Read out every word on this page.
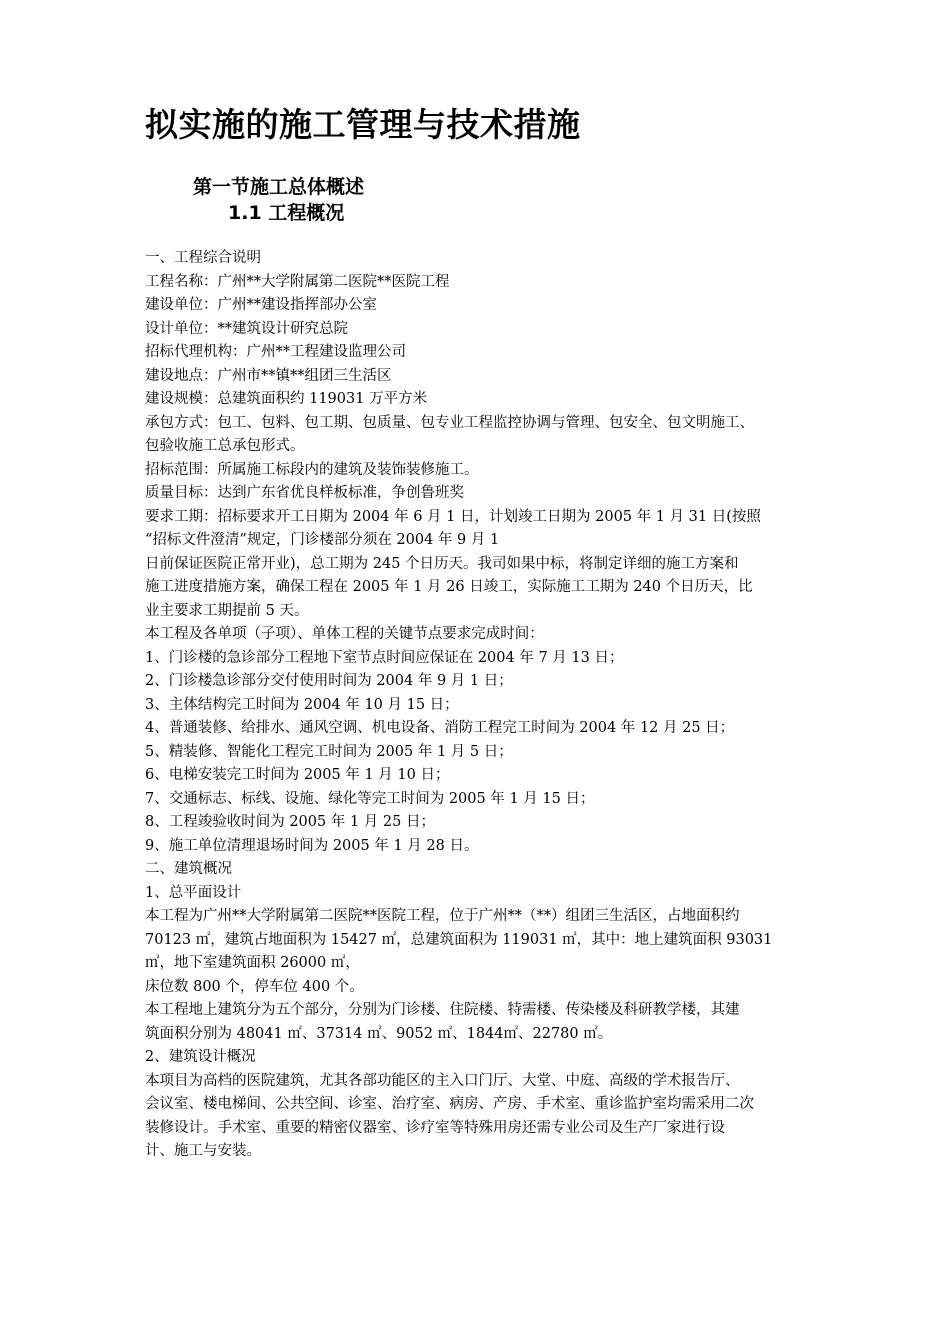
拟实施的施工管理与技术措施
第一节施工总体概述
1.1 工程概况

一、工程综合说明

工程名称：广州**大学附属第二医院**医院工程

建设单位：广州**建设指挥部办公室

设计单位：**建筑设计研究总院

招标代理机构：广州**工程建设监理公司

建设地点：广州市**镇**组团三生活区

建设规模：总建筑面积约 119031 万平方米

承包方式：包工、包料、包工期、包质量、包专业工程监控协调与管理、包安全、包文明施工、

包验收施工总承包形式。

招标范围：所属施工标段内的建筑及装饰装修施工。

质量目标：达到广东省优良样板标准，争创鲁班奖

要求工期：招标要求开工日期为 2004 年 6 月 1 日，计划竣工日期为 2005 年 1 月 31 日(按照

“招标文件澄清”规定，门诊楼部分须在 2004 年 9 月 1

日前保证医院正常开业)，总工期为 245 个日历天。我司如果中标，将制定详细的施工方案和

施工进度措施方案，确保工程在 2005 年 1 月 26 日竣工，实际施工工期为 240 个日历天，比

业主要求工期提前 5 天。

本工程及各单项（子项）、单体工程的关键节点要求完成时间：

1、门诊楼的急诊部分工程地下室节点时间应保证在 2004 年 7 月 13 日；

2、门诊楼急诊部分交付使用时间为 2004 年 9 月 1 日；

3、主体结构完工时间为 2004 年 10 月 15 日；

4、普通装修、给排水、通风空调、机电设备、消防工程完工时间为 2004 年 12 月 25 日；

5、精装修、智能化工程完工时间为 2005 年 1 月 5 日；

6、电梯安装完工时间为 2005 年 1 月 10 日；

7、交通标志、标线、设施、绿化等完工时间为 2005 年 1 月 15 日；

8、工程竣验收时间为 2005 年 1 月 25 日；

9、施工单位清理退场时间为 2005 年 1 月 28 日。

二、建筑概况

1、总平面设计

本工程为广州**大学附属第二医院**医院工程，位于广州**（**）组团三生活区，占地面积约

70123 ㎡，建筑占地面积为 15427 ㎡，总建筑面积为 119031 ㎡，其中：地上建筑面积 93031

㎡，地下室建筑面积 26000 ㎡，

床位数 800 个，停车位 400 个。

本工程地上建筑分为五个部分，分别为门诊楼、住院楼、特需楼、传染楼及科研教学楼，其建

筑面积分别为 48041 ㎡、37314 ㎡、9052 ㎡、1844㎡、22780 ㎡。

2、建筑设计概况

本项目为高档的医院建筑，尤其各部功能区的主入口门厅、大堂、中庭、高级的学术报告厅、

会议室、楼电梯间、公共空间、诊室、治疗室、病房、产房、手术室、重诊监护室均需采用二次

装修设计。手术室、重要的精密仪器室、诊疗室等特殊用房还需专业公司及生产厂家进行设

计、施工与安装。
